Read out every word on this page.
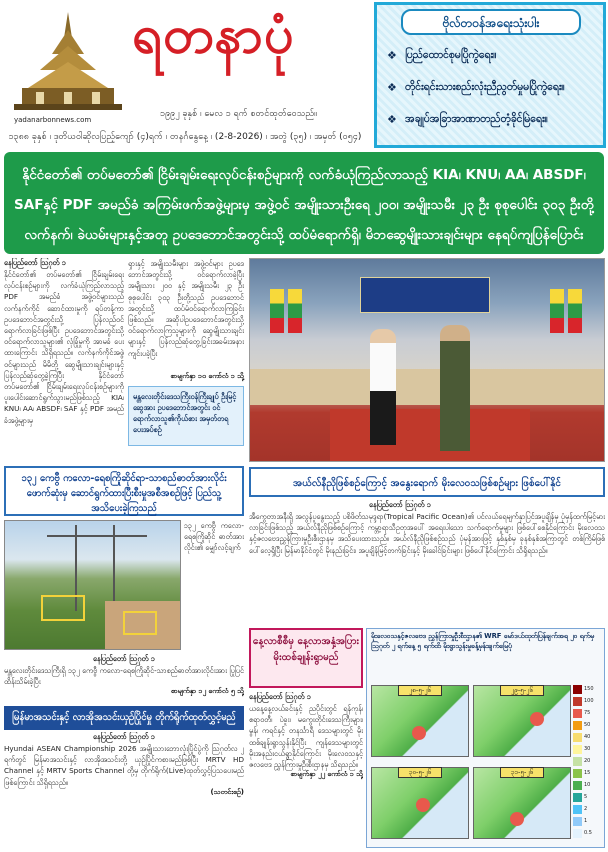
yadanarbonnews.com
ရတနာပုံ
၁၉၉၂ ခုနှစ် ၊ မေလ ၁ ရက် စတင်ထုတ်ဝေသည်။
၁၃၈၈ ခုနှစ် ၊ ဒုတိယဝါဆိုလပြည့်ကျော် (၄)ရက် ၊ တနင်္ဂနွေနေ့ ၊ (2-8-2026) ၊ အတွဲ (၃၅) ၊ အမှတ် (၀၅၄)
ဗိုလ်တဝန်အရေးသုံးပါး
❖ ပြည်ထောင်စုမပြိုကွဲရေး။
❖ တိုင်းရင်းသားစည်းလုံးညီညွတ်မှုမပြိုကွဲရေး။
❖ အချုပ်အခြာအာဏာတည်တံ့ခိုင်မြဲရေး။
နိုင်ငံတော်၏ တပ်မတော်၏ ငြိမ်းချမ်းရေးလုပ်ငန်းစဉ်များကို လက်ခံယုံကြည်လာသည့် KIA၊ KNU၊ AA၊ ABSDF၊ SAFနှင့် PDF အမည်ခံ အကြမ်းဖက်အဖွဲ့များမှ အဖွဲ့ဝင် အမျိုးသားဦးရေ ၂၀၀၊ အမျိုးသမီး ၂၃ ဦး စုစုပေါင်း ၃၀၃ ဦးတို့ လက်နက်၊ ခဲယမ်းများနှင့်အတူ ဥပဒေဘောင်အတွင်းသို့ ထပ်မံရောက်ရှိ၊ မိဘဆွေမျိုးသားချင်းများ နေရပ်ကျပြန်ပြောင်း
နေပြည်တော် ဩဂုတ် ၁
နိုင်ငံတော်၏ တပ်မတော်၏ ငြိမ်းချမ်းရေးလုပ်ငန်းစဉ်များကို လက်ခံယုံကြည်လာသည့် PDF အမည်ခံ အဖွဲ့ဝင်များသည် လက်နက်ကိုင် ဆောင်ထားမှုကို ရပ်တန့်ကာ ဥပဒေဘောင်အတွင်းသို့ ပြန်လည်ဝင်ရောက်လာခြင်းဖြစ်ပြီး ဥပဒေဘောင်အတွင်းသို့ ဝင်ရောက်လာသူများ၏ လုံခြုံမှုကို အာမခံ ပေးထားကြောင်း သိရှိရသည်။ လက်နက်ကိုင်အဖွဲ့ဝင်များသည် မိမိတို့ ဆွေမျိုးသားချင်းများနှင့် ပြန်လည်ဆုံတွေ့ခဲ့ကြပြီး နိုင်ငံတော် တပ်မတော်၏ ငြိမ်းချမ်းရေးလုပ်ငန်းစဉ်များကို ပူးပေါင်းဆောင်ရွက်သွားမည်ဖြစ်သည့် KIA၊ KNU၊ AA၊ ABSDF၊ SAF နှင့် PDF အမည်ခံအဖွဲ့များမှ
ရှားနှင့် အမျိုးသမီးများ အဖွဲ့ဝင်များ ဥပဒေဘောင်အတွင်းသို့ ဝင်ရောက်လာခဲ့ပြီး အမျိုးသား ၂၀၀ နှင့် အမျိုးသမီး ၂၃ ဦး စုစုပေါင်း ၃၀၃ ဦးတို့သည် ဥပဒေဘောင်အတွင်းသို့ ထပ်မံဝင်ရောက်လာကြခြင်းဖြစ်သည်။ အဆိုပါဥပဒေဘောင်အတွင်းသို့ ဝင်ရောက်လာကြသူများကို ဆွေမျိုးသားချင်းများနှင့် ပြန်လည်ဆုံတွေ့ခြင်းအခမ်းအနားကျင်းပခဲ့ပြီး
စာမျက်နှာ ၁၀ ကော်လံ ၁ သို့
မန္တလေးတိုင်းဒေသကြီးဝန်ကြီးချုပ် ဦးမြင့်ဆွေအား ဥပဒေဘောင်အတွင်း ဝင်ရောက်လာသူ၏ကိုယ်စား အမှတ်တရ ပေးအပ်စဉ်
၁၃၂ ကေဗွီ ကလော-ရေစကြိုဆိုင်ရာ-သာစည်ဓာတ်အားလိုင်းဖောက်ဆုံးမှ ဆောင်ရွက်ထားပြီးစီးမှုအစီအစဉ်ဖြင့် ပြည်သူ့ အသိပေးခဲ့ကြသည်
၁၃၂ ကေဗွီ ကလော-ရေစကြိုဆိုင် ဓာတ်အားလိုင်း၏ မျှော်လင့်ချက်
နေပြည်တော် ဩဂုတ် ၁
မန္တလေးတိုင်းဒေသကြီးရှိ ၁၃၂ ကေဗွီ ကလော-ရေစကြိုဆိုင်-သာစည်ဓာတ်အားလိုင်းအား ပြုပြင်ထိန်းသိမ်းခဲ့ပြီး
စာမျက်နှာ ၁၂ ကော်လံ ၅ သို့
မြန်မာအသင်းနှင့် လာအိုအသင်းယှဉ်ပြိုင်မှု တိုက်ရိုက်ထုတ်လွှင့်မည်
နေပြည်တော် ဩဂုတ် ၁
Hyundai ASEAN Championship 2026 အမျိုးသားဘောလုံးပြိုင်ပွဲကို ဩဂုတ်လ ၂ ရက်တွင် မြန်မာအသင်းနှင့် လာအိုအသင်းတို့ ယှဉ်ပြိုင်ကစားမည်ဖြစ်ပြီး MRTV HD Channel နှင့် MRTV Sports Channel တို့မှ တိုက်ရိုက်(Live)ထုတ်လွှင့်ပြသပေးမည်ဖြစ်ကြောင်း သိရှိရသည်။
(သတင်းစဉ်)
အယ်လ်နီညိုဖြစ်စဉ်ကြောင့် အနွေးရောက် မိုးလေဝသဖြစ်စဉ်များ ဖြစ်ပေါ်နိုင်
နေပြည်တော် ဩဂုတ် ၁
အီကွေတာအနီးရှိ အလွန်ပူနွေးသည့် ပစိဖိတ်သမုဒ္ဒရာ(Tropical Pacific Ocean)၏ ပင်လယ်ရေမျက်နှာပြင်အပူချိန်မှ ပုံမှန်ထက်မြင့်မားလာခြင်းဖြစ်သည့် အယ်လ်နီညိုဖြစ်စဉ်ကြောင့် ကမ္ဘာ့ရာသီဥတုအပေါ် အရေးပါသော သက်ရောက်မှုများ ဖြစ်ပေါ်စေနိုင်ကြောင်း မိုးလေဝသနှင့်ဇလဗေဒညွှန်ကြားမှုဦးစီးဌာနမှ အသိပေးထားသည်။ အယ်လ်နီညိုဖြစ်စဉ်သည် ပုံမှန်အားဖြင့် နှစ်နှစ်မှ ခုနစ်နှစ်အကြာတွင် တစ်ကြိမ်ဖြစ်ပေါ်လေ့ရှိပြီး မြန်မာနိုင်ငံတွင် မိုးနည်းခြင်း၊ အပူချိန်မြင့်တက်ခြင်းနှင့် မိုးခေါင်ခြင်းများ ဖြစ်ပေါ်နိုင်ကြောင်း သိရှိရသည်။
နေ့လာစီစီမှ နေ့လာအနှံ့အပြား မိုးထစ်ချုန်းရွာမည်
နေပြည်တော် ဩဂုတ် ၁
ယနေ့နေ့လယ်ခင်းနှင့် ညပိုင်းတွင် ရန်ကုန်၊ ဧရာဝတီ၊ ပဲခူး၊ မကွေးတိုင်းဒေသကြီးများ၊ မွန်၊ ကရင်နှင့် တနင်္သာရီ ဒေသများတွင် မိုးထစ်ချုန်းရွာသွန်းနိုင်ပြီး ကျန်ဒေသများတွင် မိုးအနည်းငယ်ရွာနိုင်ကြောင်း မိုးလေဝသနှင့် ဇလဗေဒ ညွှန်ကြားမှုဦးစီးဌာနမှ သိရသည်။
စာမျက်နှာ ၂၂ ကော်လံ ၁ သို့
မိုးလေဝသနှင့်ဇလဗေဒ ညွှန်ကြားမှုဦးစီးဌာန၏ WRF မော်ဒယ်ထုတ်ပြန်ချက်အရ ၂၀ ရက်မှ ဩဂုတ် ၂ ရက်နေ့ ၅ ရက်ထိ မိုးရွာသွန်းမှုခန့်မှန်းချက်မြေပုံ
၂၈-၅-၂၆	၂၉-၅-၂၆
၃၀-၅-၂၆	၃၁-၅-၂၆
150
100
75
50
40
30
20
15
10
5
2
1
0.5
